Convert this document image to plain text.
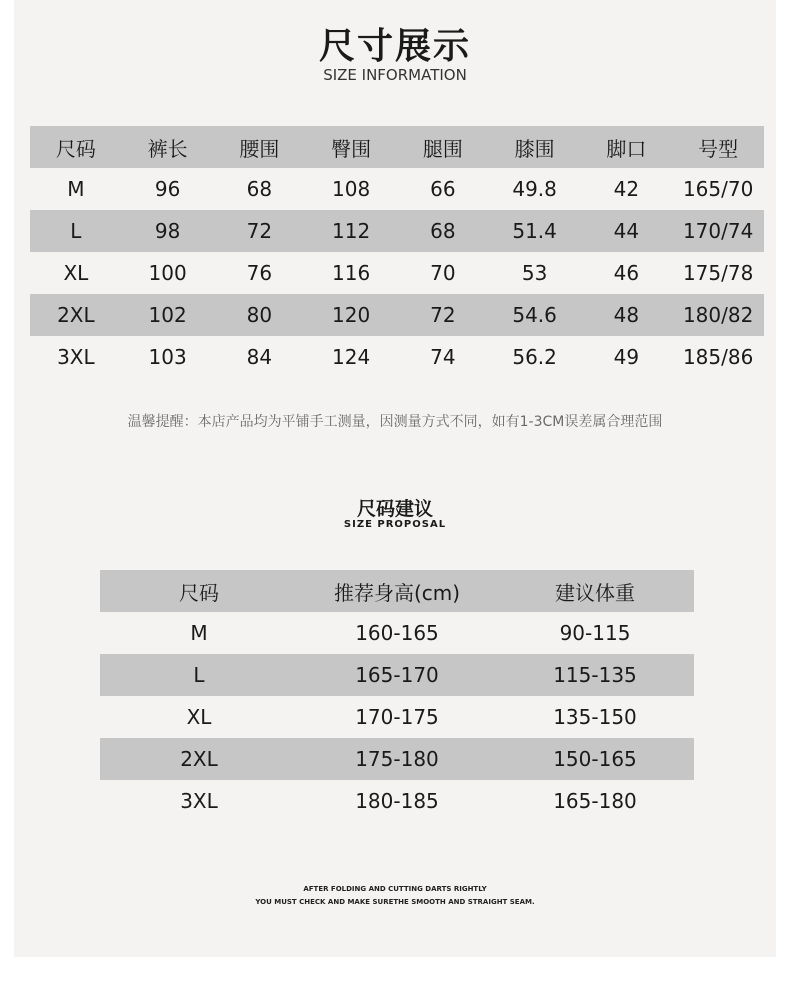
尺寸展示
SIZE INFORMATION
尺码	裤长	腰围	臀围	腿围	膝围	脚口	号型
M	96	68	108	66	49.8	42	165/70
L	98	72	112	68	51.4	44	170/74
XL	100	76	116	70	53	46	175/78
2XL	102	80	120	72	54.6	48	180/82
3XL	103	84	124	74	56.2	49	185/86
温馨提醒：本店产品均为平铺手工测量，因测量方式不同，如有1-3CM误差属合理范围
尺码建议
SIZE PROPOSAL
尺码	推荐身高(cm)	建议体重
M	160-165	90-115
L	165-170	115-135
XL	170-175	135-150
2XL	175-180	150-165
3XL	180-185	165-180
AFTER FOLDING AND CUTTING DARTS RIGHTLY
YOU MUST CHECK AND MAKE SURETHE SMOOTH AND STRAIGHT SEAM.
